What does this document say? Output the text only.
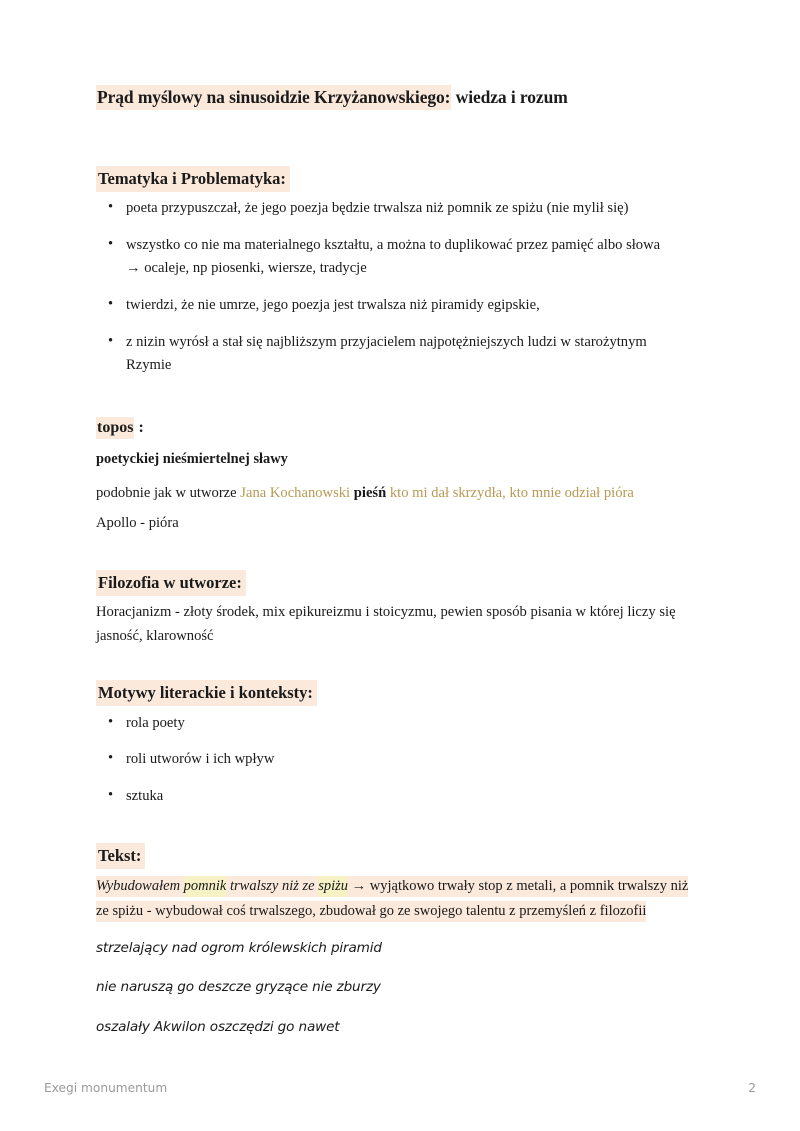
Prąd myślowy na sinusoidzie Krzyżanowskiego: wiedza i rozum
Tematyka i Problematyka:
• poeta przypuszczał, że jego poezja będzie trwalsza niż pomnik ze spiżu (nie mylił się)
• wszystko co nie ma materialnego kształtu, a można to duplikować przez pamięć albo słowa → ocaleje, np piosenki, wiersze, tradycje
• twierdzi, że nie umrze, jego poezja jest trwalsza niż piramidy egipskie,
• z nizin wyrósł a stał się najbliższym przyjacielem najpotężniejszych ludzi w starożytnym Rzymie
topos :

poetyckiej nieśmiertelnej sławy

podobnie jak w utworze Jana Kochanowski pieśń kto mi dał skrzydła, kto mnie odział pióra

Apollo - pióra

Filozofia w utworze:

Horacjanizm - złoty środek, mix epikureizmu i stoicyzmu, pewien sposób pisania w której liczy się jasność, klarowność

Motywy literackie i konteksty:
• rola poety
• roli utworów i ich wpływ
• sztuka
Tekst:

Wybudowałem pomnik trwalszy niż ze spiżu → wyjątkowo trwały stop z metali, a pomnik trwalszy niż ze spiżu - wybudował coś trwalszego, zbudował go ze swojego talentu z przemyśleń z filozofii

strzelający nad ogrom królewskich piramid

nie naruszą go deszcze gryzące nie zburzy

oszalały Akwilon oszczędzi go nawet

Exegi monumentum	2
